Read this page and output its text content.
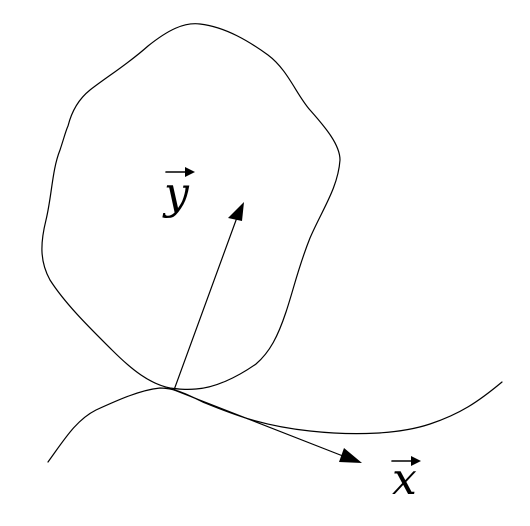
y
x
